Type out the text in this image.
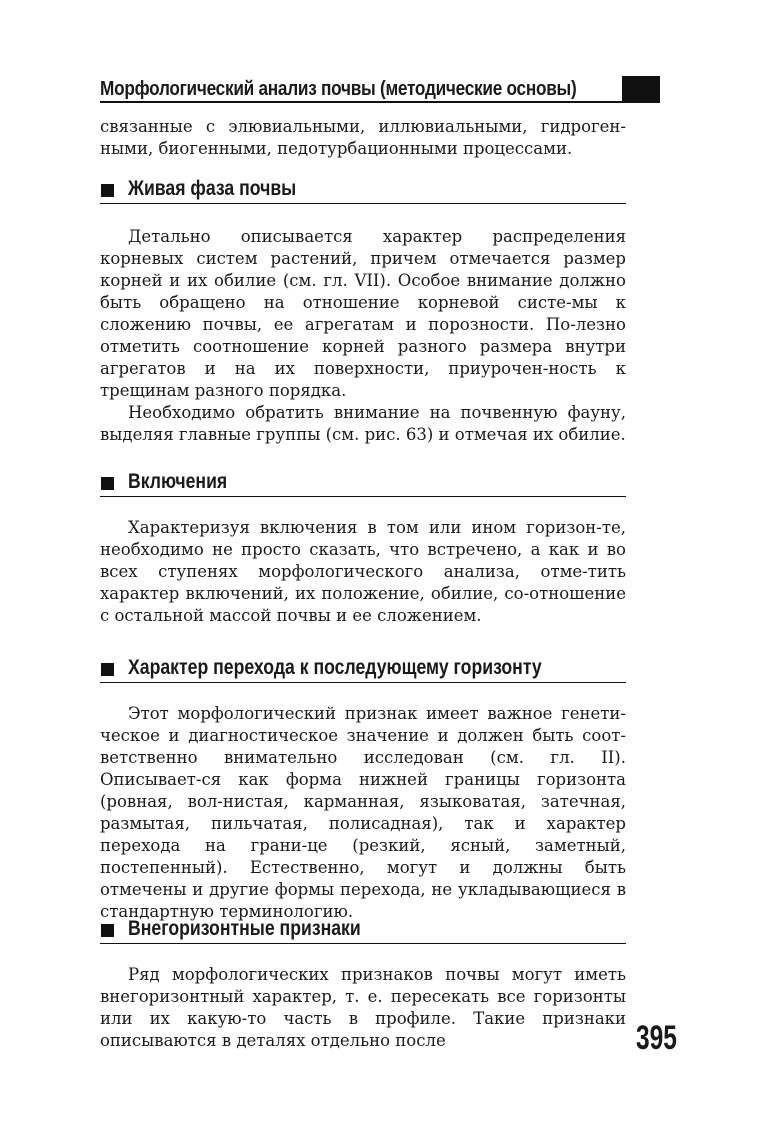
Морфологический анализ почвы (методические основы)

связанные с элювиальными, иллювиальными, гидроген-ными, биогенными, педотурбационными процессами.

Живая фаза почвы

Детально описывается характер распределения корневых систем растений, причем отмечается размер корней и их обилие (см. гл. VII). Особое внимание должно быть обращено на отношение корневой систе-мы к сложению почвы, ее агрегатам и порозности. По-лезно отметить соотношение корней разного размера внутри агрегатов и на их поверхности, приурочен-ность к трещинам разного порядка.

Необходимо обратить внимание на почвенную фауну, выделяя главные группы (см. рис. 63) и отмечая их обилие.

Включения

Характеризуя включения в том или ином горизон-те, необходимо не просто сказать, что встречено, а как и во всех ступенях морфологического анализа, отме-тить характер включений, их положение, обилие, со-отношение с остальной массой почвы и ее сложением.

Характер перехода к последующему горизонту

Этот морфологический признак имеет важное генети-ческое и диагностическое значение и должен быть соот-ветственно внимательно исследован (см. гл. II). Описывает-ся как форма нижней границы горизонта (ровная, вол-нистая, карманная, языковатая, затечная, размытая, пильчатая, полисадная), так и характер перехода на грани-це (резкий, ясный, заметный, постепенный). Естественно, могут и должны быть отмечены и другие формы перехода, не укладывающиеся в стандартную терминологию.

Внегоризонтные признаки

Ряд морфологических признаков почвы могут иметь внегоризонтный характер, т. е. пересекать все горизонты или их какую-то часть в профиле. Такие признаки описываются в деталях отдельно после	395
